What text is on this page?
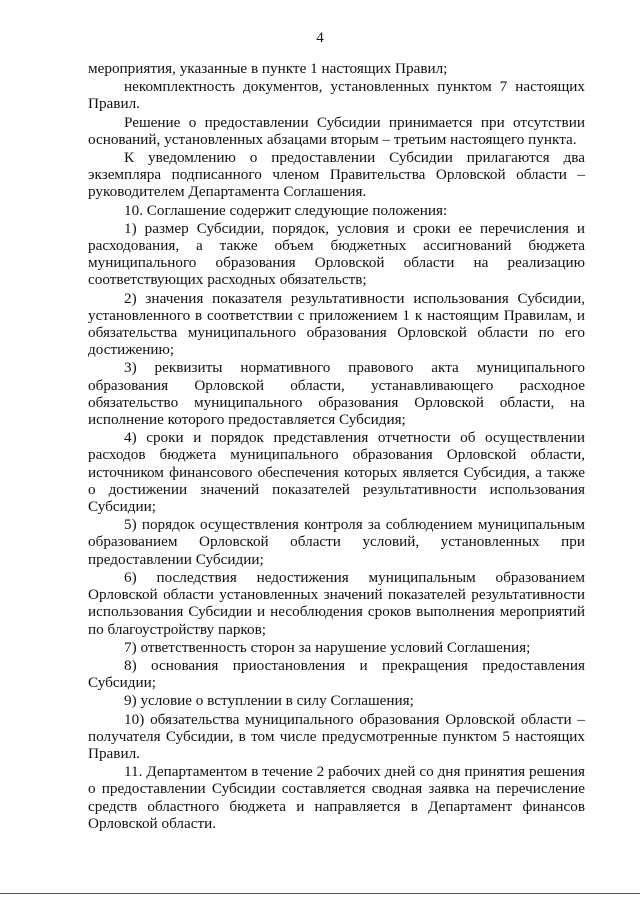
4

мероприятия, указанные в пункте 1 настоящих Правил;

некомплектность документов, установленных пунктом 7 настоящих Правил.

Решение о предоставлении Субсидии принимается при отсутствии оснований, установленных абзацами вторым – третьим настоящего пункта.

К уведомлению о предоставлении Субсидии прилагаются два экземпляра подписанного членом Правительства Орловской области – руководителем Департамента Соглашения.

10. Соглашение содержит следующие положения:

1) размер Субсидии, порядок, условия и сроки ее перечисления и расходования, а также объем бюджетных ассигнований бюджета муниципального образования Орловской области на реализацию соответствующих расходных обязательств;

2) значения показателя результативности использования Субсидии, установленного в соответствии с приложением 1 к настоящим Правилам, и обязательства муниципального образования Орловской области по его достижению;

3) реквизиты нормативного правового акта муниципального образования Орловской области, устанавливающего расходное обязательство муниципального образования Орловской области, на исполнение которого предоставляется Субсидия;

4) сроки и порядок представления отчетности об осуществлении расходов бюджета муниципального образования Орловской области, источником финансового обеспечения которых является Субсидия, а также о достижении значений показателей результативности использования Субсидии;

5) порядок осуществления контроля за соблюдением муниципальным образованием Орловской области условий, установленных при предоставлении Субсидии;

6) последствия недостижения муниципальным образованием Орловской области установленных значений показателей результативности использования Субсидии и несоблюдения сроков выполнения мероприятий по благоустройству парков;

7) ответственность сторон за нарушение условий Соглашения;

8) основания приостановления и прекращения предоставления Субсидии;

9) условие о вступлении в силу Соглашения;

10) обязательства муниципального образования Орловской области – получателя Субсидии, в том числе предусмотренные пунктом 5 настоящих Правил.

11. Департаментом в течение 2 рабочих дней со дня принятия решения о предоставлении Субсидии составляется сводная заявка на перечисление средств областного бюджета и направляется в Департамент финансов Орловской области.
